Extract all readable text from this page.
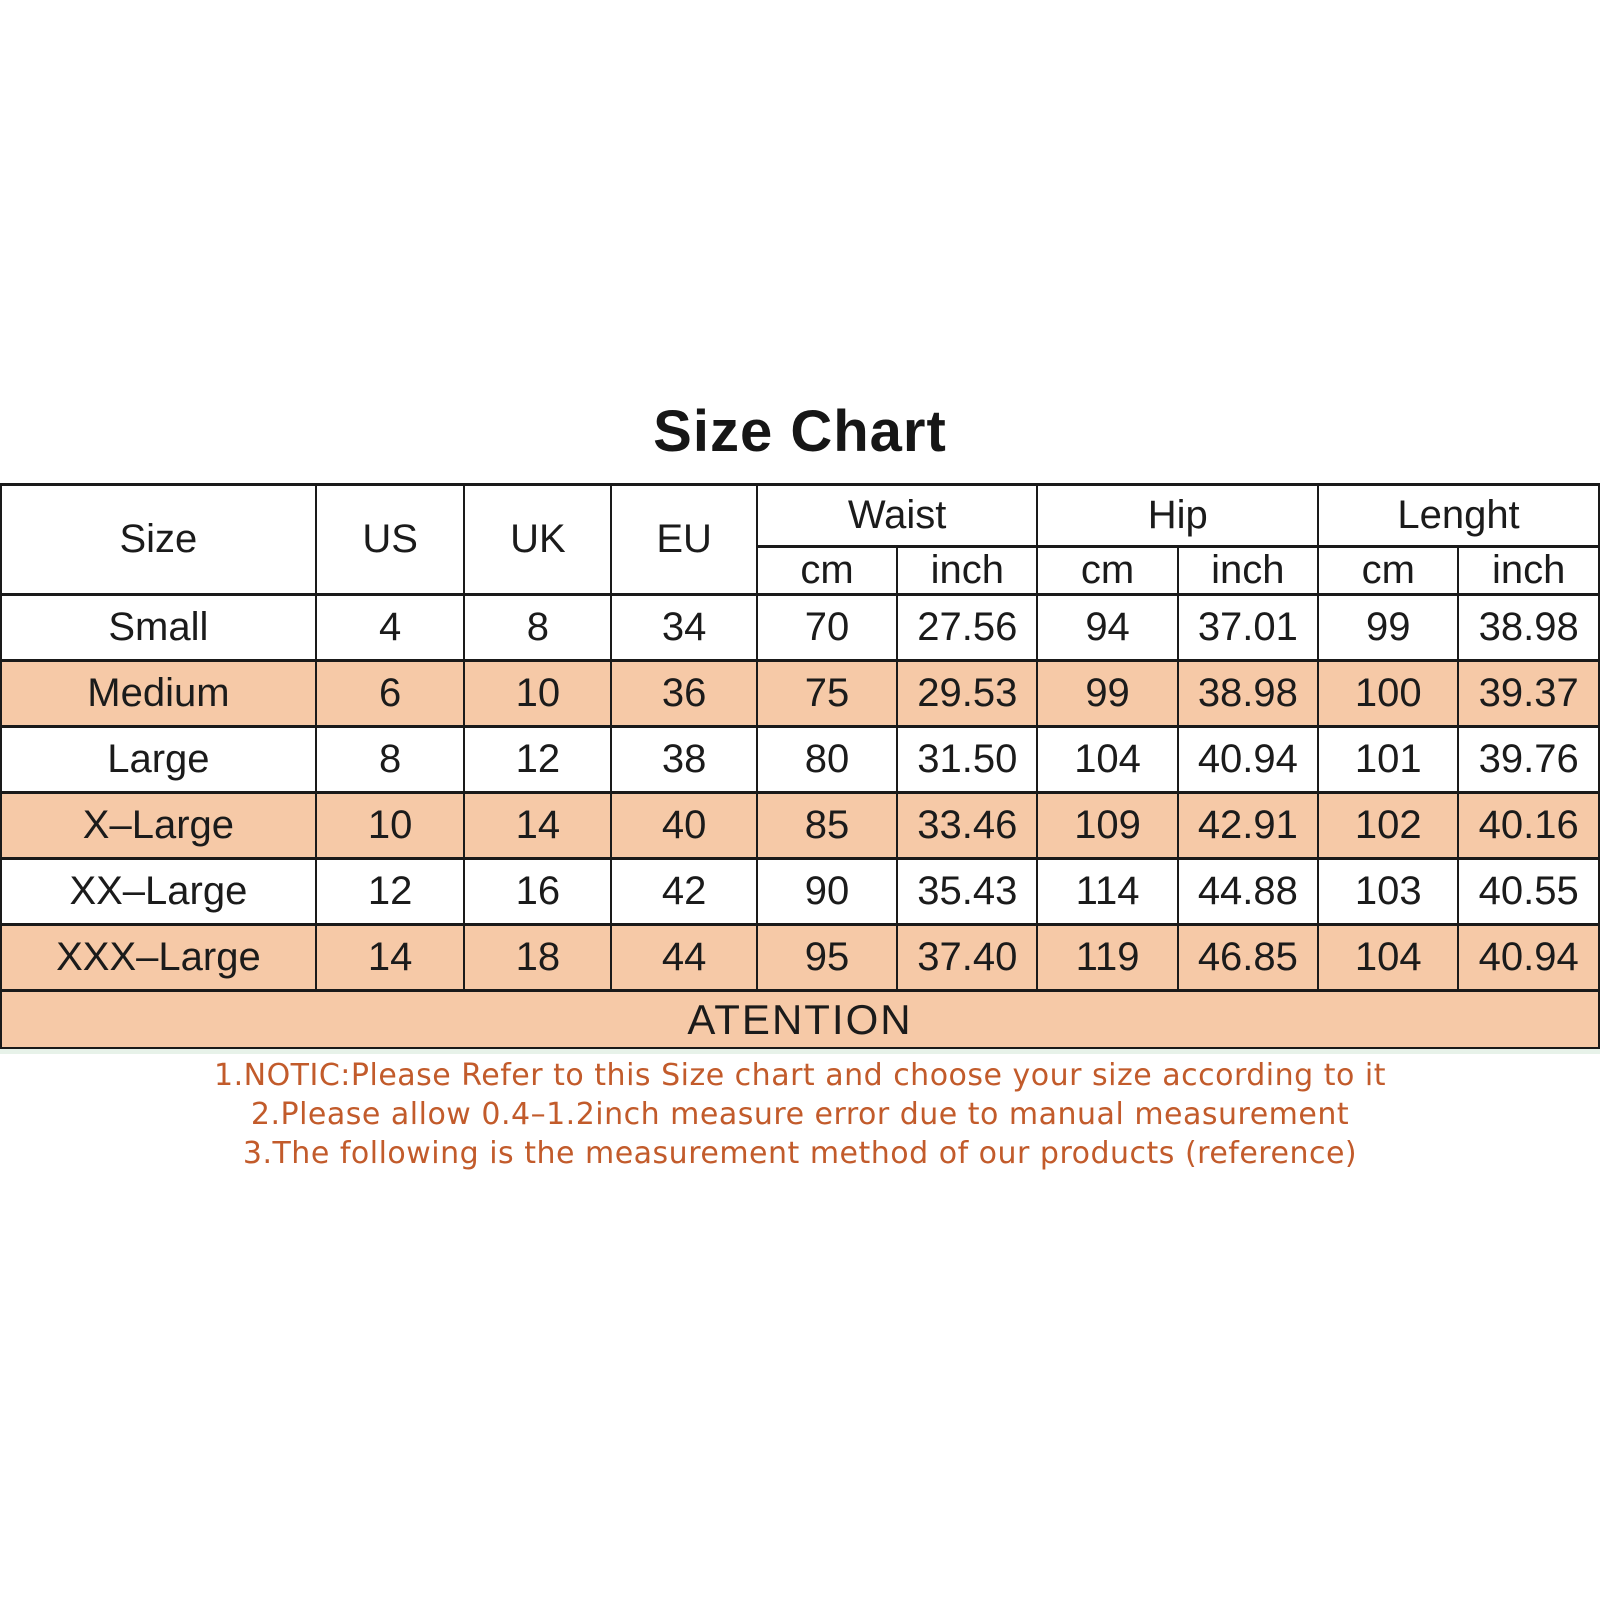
Size Chart
Size	US	UK	EU	Waist		Hip		Lenght	
				cm	inch	cm	inch	cm	inch
Small	4	8	34	70	27.56	94	37.01	99	38.98
Medium	6	10	36	75	29.53	99	38.98	100	39.37
Large	8	12	38	80	31.50	104	40.94	101	39.76
X–Large	10	14	40	85	33.46	109	42.91	102	40.16
XX–Large	12	16	42	90	35.43	114	44.88	103	40.55
XXX–Large	14	18	44	95	37.40	119	46.85	104	40.94
ATENTION									
1.NOTIC:Please Refer to this Size chart and choose your size according to it
2.Please allow 0.4–1.2inch measure error due to manual measurement
3.The following is the measurement method of our products (reference)
